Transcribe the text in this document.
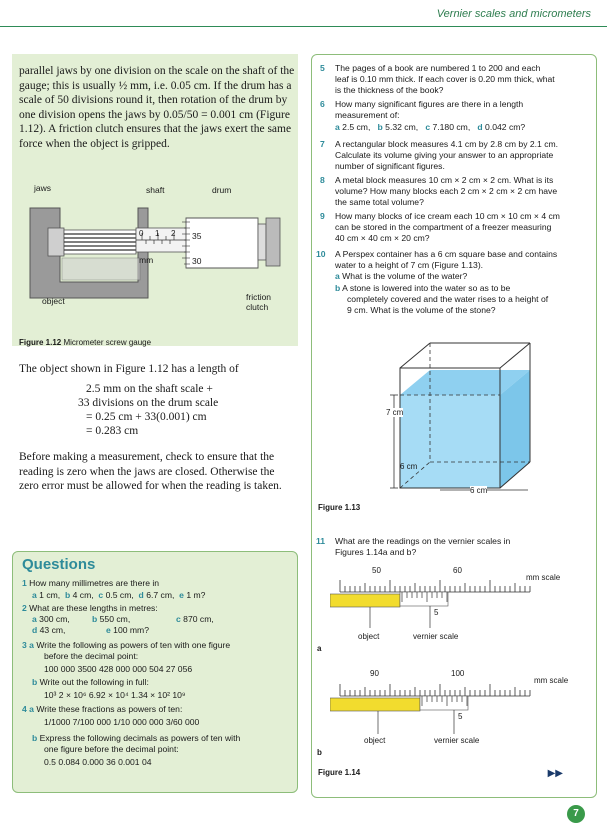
Vernier scales and micrometers
parallel jaws by one division on the scale on the shaft of the gauge; this is usually ½ mm, i.e. 0.05 cm. If the drum has a scale of 50 divisions round it, then rotation of the drum by one division opens the jaws by 0.05/50 = 0.001 cm (Figure 1.12). A friction clutch ensures that the jaws exert the same force when the object is gripped.
jaws	shaft	drum
0 1 2
mm
35
30
object	friction
clutch
Figure 1.12 Micrometer screw gauge
The object shown in Figure 1.12 has a length of
2.5 mm on the shaft scale +
33 divisions on the drum scale
= 0.25 cm + 33(0.001) cm
= 0.283 cm
Before making a measurement, check to ensure that the reading is zero when the jaws are closed. Otherwise the zero error must be allowed for when the reading is taken.
Questions
1 How many millimetres are there in
a 1 cm, b 4 cm, c 0.5 cm, d 6.7 cm, e 1 m?
2 What are these lengths in metres:
a 300 cm,	b 550 cm,	c 870 cm,
d 43 cm,	e 100 mm?
3 a Write the following as powers of ten with one figure
before the decimal point:
100 000 3500 428 000 000 504 27 056
b Write out the following in full:
10³ 2 × 10⁶ 6.92 × 10⁴ 1.34 × 10² 10⁹
4 a Write these fractions as powers of ten:
1/1000 7/100 000 1/10 000 000 3/60 000
b Express the following decimals as powers of ten with
one figure before the decimal point:
0.5 0.084 0.000 36 0.001 04
5 The pages of a book are numbered 1 to 200 and each
leaf is 0.10 mm thick. If each cover is 0.20 mm thick, what
is the thickness of the book?
6 How many significant figures are there in a length
measurement of:
a 2.5 cm, b 5.32 cm, c 7.180 cm, d 0.042 cm?
7 A rectangular block measures 4.1 cm by 2.8 cm by 2.1 cm.
Calculate its volume giving your answer to an appropriate
number of significant figures.
8 A metal block measures 10 cm × 2 cm × 2 cm. What is its
volume? How many blocks each 2 cm × 2 cm × 2 cm have
the same total volume?
9 How many blocks of ice cream each 10 cm × 10 cm × 4 cm
can be stored in the compartment of a freezer measuring
40 cm × 40 cm × 20 cm?
10 A Perspex container has a 6 cm square base and contains
water to a height of 7 cm (Figure 1.13).
a What is the volume of the water?
b A stone is lowered into the water so as to be
completely covered and the water rises to a height of
9 cm. What is the volume of the stone?
7 cm
6 cm
6 cm
Figure 1.13
11 What are the readings on the vernier scales in
Figures 1.14a and b?
50	60
mm scale
5
object	vernier scale
a
90	100
mm scale
5
object	vernier scale
b
Figure 1.14	▶▶
7
